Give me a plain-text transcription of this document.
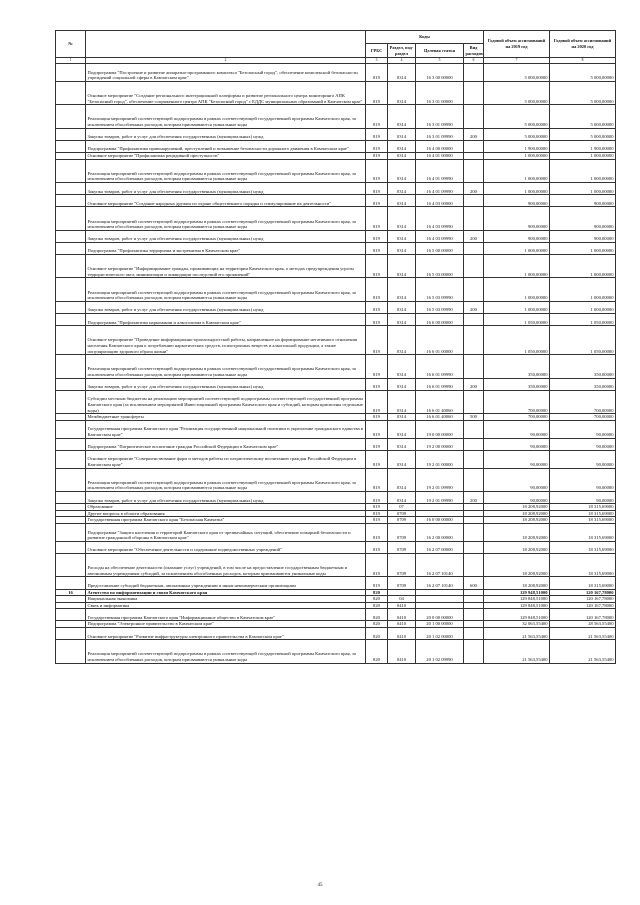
№		Коды				Годовой объем ассигнований на 2019 год	Годовой объем ассигнований на 2020 год
		ГРБС	Раздел, под-раздел	Целевая статья	Вид расходов		
1	2	3	4	5	6	7	8
	Подпрограмма "Построение и развитие аппаратно-программного комплекса "Безопасный город", обеспечение комплексной безопасности учреждений социальной сферы в Камчатском крае"	819	0314	16 3 00 00000		5 000,00000	5 000,00000
	Основное мероприятие "Создание регионального интеграционной платформы и развитие регионального центра мониторинга АПК "Безопасный город", обеспечение сопряженного центра АПК "Безопасный город" с ЕДДС муниципальных образований в Камчатском крае"	819	0314	16 3 01 00000		5 000,00000	5 000,00000
	Реализация мероприятий соответствующей подпрограммы в рамках соответствующей государственной программы Камчатского края, за исключением обособленных расходов, которым присваиваются уникальные коды	819	0314	16 3 01 09990		5 000,00000	5 000,00000
	Закупка товаров, работ и услуг для обеспечения государственных (муниципальных) нужд	819	0314	16 3 01 09990	200	5 000,00000	5 000,00000
	Подпрограмма "Профилактика правонарушений, преступлений и повышение безопасности дорожного движения в Камчатском крае"	819	0314	16 4 00 00000		1 900,00000	1 900,00000
	Основное мероприятие "Профилактика рецидивной преступности"	819	0314	16 4 01 00000		1 000,00000	1 000,00000
	Реализация мероприятий соответствующей подпрограммы в рамках соответствующей государственной программы Камчатского края, за исключением обособленных расходов, которым присваиваются уникальные коды	819	0314	16 4 01 09990		1 000,00000	1 000,00000
	Закупка товаров, работ и услуг для обеспечения государственных (муниципальных) нужд	819	0314	16 4 01 09990	200	1 000,00000	1 000,00000
	Основное мероприятие "Создание народных дружин по охране общественного порядка и стимулирование их деятельности"	819	0314	16 4 03 00000		900,00000	900,00000
	Реализация мероприятий соответствующей подпрограммы в рамках соответствующей государственной программы Камчатского края, за исключением обособленных расходов, которым присваиваются уникальные коды	819	0314	16 4 03 09990		900,00000	900,00000
	Закупка товаров, работ и услуг для обеспечения государственных (муниципальных) нужд	819	0314	16 4 03 09990	200	900,00000	900,00000
	Подпрограмма "Профилактика терроризма и экстремизма в Камчатском крае"	819	0314	16 5 00 00000		1 000,00000	1 000,00000
	Основное мероприятие "Информирование граждан, проживающих на территории Камчатского края, о методах предупреждения угрозы террористического акта, минимизации и ликвидации последствий его проявлений"	819	0314	16 5 03 00000		1 000,00000	1 000,00000
	Реализация мероприятий соответствующей подпрограммы в рамках соответствующей государственной программы Камчатского края, за исключением обособленных расходов, которым присваиваются уникальные коды	819	0314	16 5 03 09990		1 000,00000	1 000,00000
	Закупка товаров, работ и услуг для обеспечения государственных (муниципальных) нужд	819	0314	16 5 03 09990	200	1 000,00000	1 000,00000
	Подпрограмма "Профилактика наркомании и алкоголизма в Камчатском крае"	819	0314	16 6 00 00000		1 050,00000	1 050,00000
	Основное мероприятие "Проведение информационно-пропагандистской работы, направленное на формирование негативного отношения населения Камчатского края к потреблению наркотических средств, психотропных веществ и алкогольной продукции, а также популяризацию здорового образа жизни"	819	0314	16 6 01 00000		1 050,00000	1 050,00000
	Реализация мероприятий соответствующей подпрограммы в рамках соответствующей государственной программы Камчатского края, за исключением обособленных расходов, которым присваиваются уникальные коды	819	0314	16 6 01 09990		350,00000	350,00000
	Закупка товаров, работ и услуг для обеспечения государственных (муниципальных) нужд	819	0314	16 6 01 09990	200	350,00000	350,00000
	Субсидии местным бюджетам на реализацию мероприятий соответствующей подпрограммы соответствующей государственной программы Камчатского края (за исключением мероприятий Инвестиционной программы Камчатского края и субсидий, которым присвоены отдельные коды)	819	0314	16 6 01 40060		700,00000	700,00000
	Межбюджетные трансферты	819	0314	16 6 01 40060	500	700,00000	700,00000
	Государственная программа Камчатского края "Реализация государственной национальной политики и укрепление гражданского единства в Камчатском крае"	819	0314	19 0 00 00000		90,00000	90,00000
	Подпрограмма "Патриотическое воспитание граждан Российской Федерации в Камчатском крае"	819	0314	19 2 00 00000		90,00000	90,00000
	Основное мероприятие "Совершенствование форм и методов работы по патриотическому воспитанию граждан Российской Федерации в Камчатском крае"	819	0314	19 2 01 00000		90,00000	90,00000
	Реализация мероприятий соответствующей подпрограммы в рамках соответствующей государственной программы Камчатского края, за исключением обособленных расходов, которым присваиваются уникальные коды	819	0314	19 2 01 09990		90,00000	90,00000
	Закупка товаров, работ и услуг для обеспечения государственных (муниципальных) нужд	819	0314	19 2 01 09990	200	90,00000	90,00000
	Образование	819	07			18 208,92000	18 315,69000
	Другие вопросы в области образования	819	0709			18 208,92000	18 315,69000
	Государственная программа Камчатского края "Безопасная Камчатка"	819	0709	16 0 00 00000		18 208,92000	18 315,69000
	Подпрограмма "Защита населения и территорий Камчатского края от чрезвычайных ситуаций, обеспечение пожарной безопасности и развитие гражданской обороны в Камчатском крае"	819	0709	16 2 00 00000		18 208,92000	18 315,69000
	Основное мероприятие "Обеспечение деятельности и содержание подведомственных учреждений"	819	0709	16 2 07 00000		18 208,92000	18 315,69000
	Расходы на обеспечение деятельности (оказание услуг) учреждений, в том числе на предоставление государственным бюджетным и автономным учреждениям субсидий, за исключением обособленных расходов, которым присваиваются уникальные коды	819	0709	16 2 07 10140		18 208,92000	18 315,69000
	Предоставление субсидий бюджетным, автономным учреждениям и иным некоммерческим организациям	819	0709	16 2 07 10140	600	18 208,92000	18 315,69000
16	Агентство по информатизации и связи Камчатского края	820				129 948,51000	120 167,78000
	Национальная экономика	820	04			129 848,51000	120 167,78000
	Связь и информатика	820	0410			129 848,51000	120 167,78000
	Государственная программа Камчатского края "Информационное общество в Камчатском крае"	820	0410	20 0 00 00000		129 848,51000	120 167,78000
	Подпрограмма "Электронное правительство в Камчатском крае"	820	0410	20 1 00 00000		32 063,55400	28 563,55400
	Основное мероприятие "Развитие инфраструктуры электронного правительства в Камчатском крае"	820	0410	20 1 02 00000		21 563,55400	21 563,55400
	Реализация мероприятий соответствующей подпрограммы в рамках соответствующей государственной программы Камчатского края, за исключением обособленных расходов, которым присваиваются уникальные коды	820	0410	20 1 02 09990		21 563,55400	21 563,55400
45
